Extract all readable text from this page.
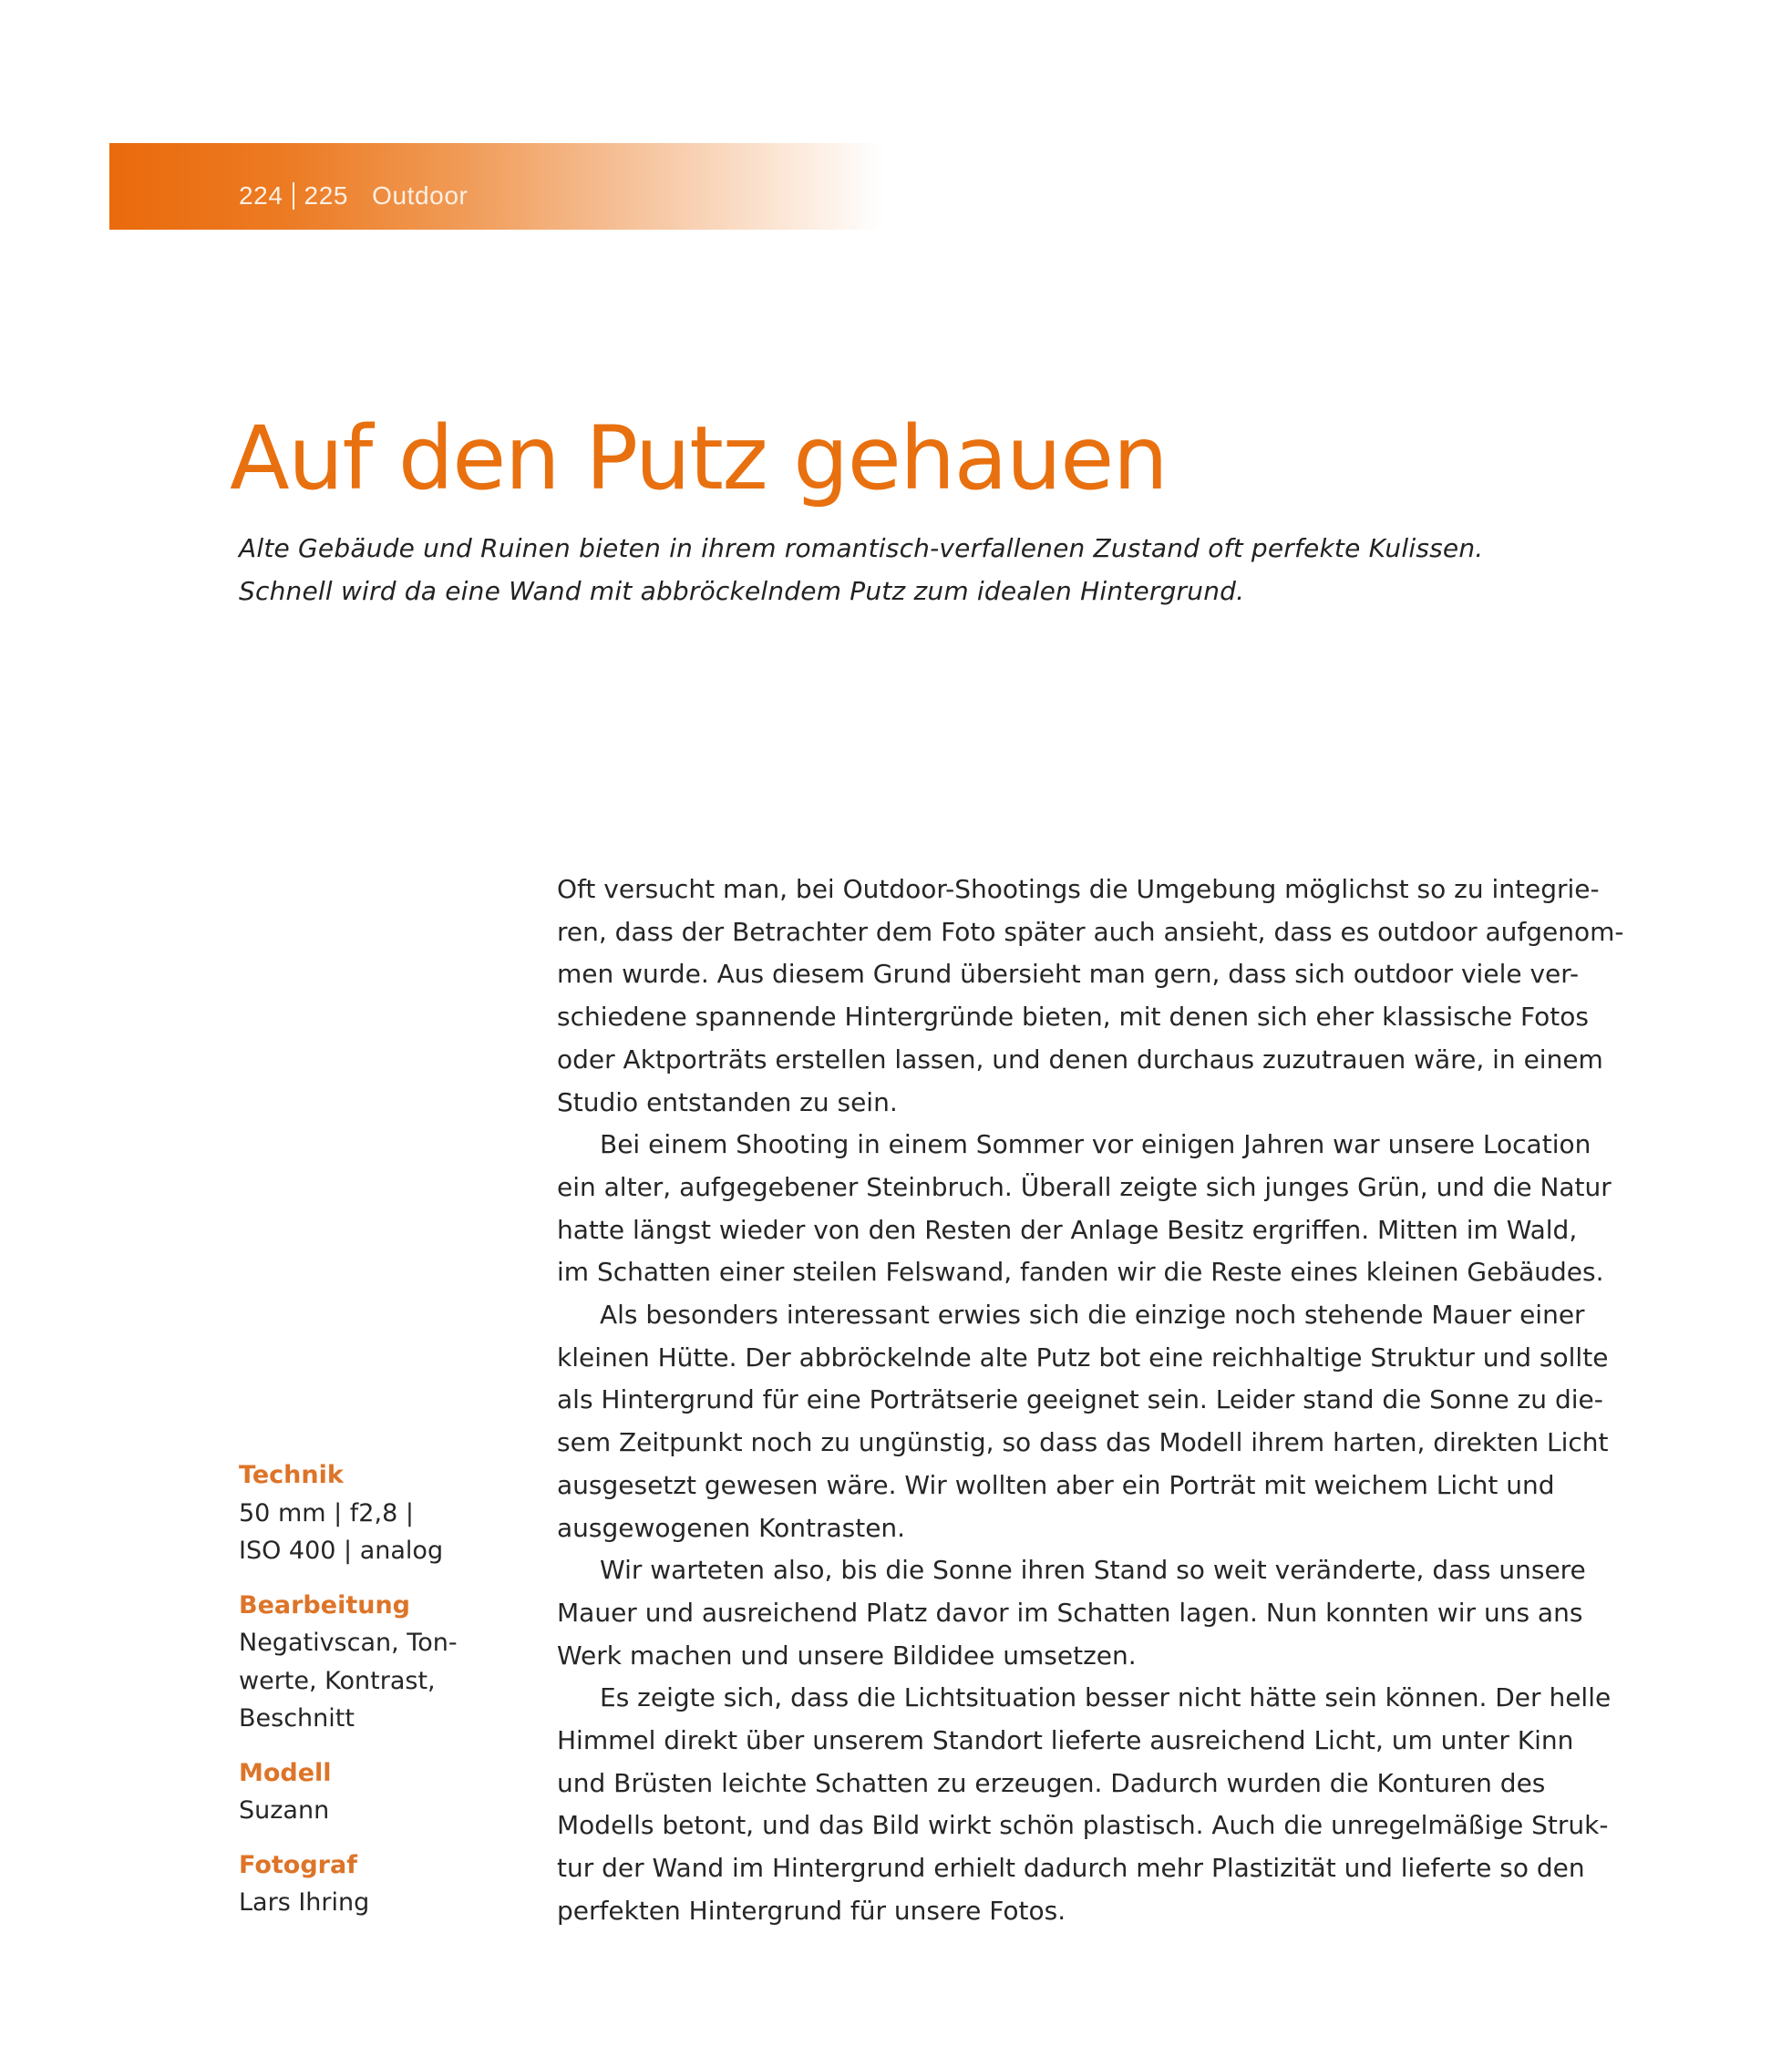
224 225 Outdoor
Auf den Putz gehauen
Alte Gebäude und Ruinen bieten in ihrem romantisch-verfallenen Zustand oft perfekte Kulissen.
Schnell wird da eine Wand mit abbröckelndem Putz zum idealen Hintergrund.
Technik
50 mm | f2,8 |
ISO 400 | analog
Bearbeitung
Negativscan, Ton-
werte, Kontrast,
Beschnitt
Modell
Suzann
Fotograf
Lars Ihring

Oft versucht man, bei Outdoor-Shootings die Umgebung möglichst so zu integrie-
ren, dass der Betrachter dem Foto später auch ansieht, dass es outdoor aufgenom-
men wurde. Aus diesem Grund übersieht man gern, dass sich outdoor viele ver-
schiedene spannende Hintergründe bieten, mit denen sich eher klassische Fotos
oder Aktporträts erstellen lassen, und denen durchaus zuzutrauen wäre, in einem
Studio entstanden zu sein.

Bei einem Shooting in einem Sommer vor einigen Jahren war unsere Location
ein alter, aufgegebener Steinbruch. Überall zeigte sich junges Grün, und die Natur
hatte längst wieder von den Resten der Anlage Besitz ergriffen. Mitten im Wald,
im Schatten einer steilen Felswand, fanden wir die Reste eines kleinen Gebäudes.

Als besonders interessant erwies sich die einzige noch stehende Mauer einer
kleinen Hütte. Der abbröckelnde alte Putz bot eine reichhaltige Struktur und sollte
als Hintergrund für eine Porträtserie geeignet sein. Leider stand die Sonne zu die-
sem Zeitpunkt noch zu ungünstig, so dass das Modell ihrem harten, direkten Licht
ausgesetzt gewesen wäre. Wir wollten aber ein Porträt mit weichem Licht und
ausgewogenen Kontrasten.

Wir warteten also, bis die Sonne ihren Stand so weit veränderte, dass unsere
Mauer und ausreichend Platz davor im Schatten lagen. Nun konnten wir uns ans
Werk machen und unsere Bildidee umsetzen.

Es zeigte sich, dass die Lichtsituation besser nicht hätte sein können. Der helle
Himmel direkt über unserem Standort lieferte ausreichend Licht, um unter Kinn
und Brüsten leichte Schatten zu erzeugen. Dadurch wurden die Konturen des
Modells betont, und das Bild wirkt schön plastisch. Auch die unregelmäßige Struk-
tur der Wand im Hintergrund erhielt dadurch mehr Plastizität und lieferte so den
perfekten Hintergrund für unsere Fotos.
